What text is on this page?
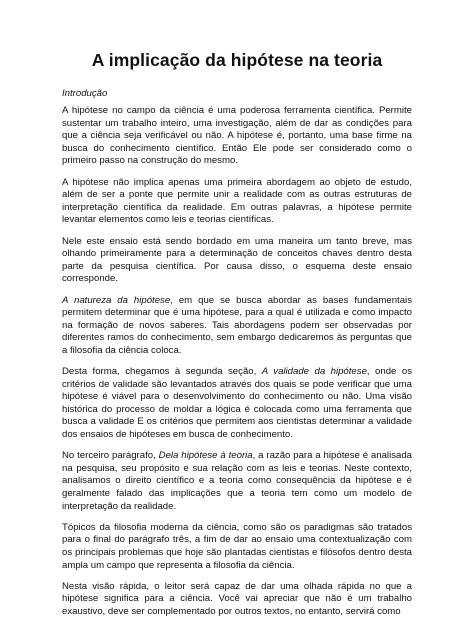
A implicação da hipótese na teoria
Introdução

A hipótese no campo da ciência é uma poderosa ferramenta científica. Permite sustentar um trabalho inteiro, uma investigação, além de dar as condições para que a ciência seja verificável ou não. A hipótese é, portanto, uma base firme na busca do conhecimento científico. Então Ele pode ser considerado como o primeiro passo na construção do mesmo.

A hipótese não implica apenas uma primeira abordagem ao objeto de estudo, além de ser a ponte que permite unir a realidade com as outras estruturas de interpretação científica da realidade. Em outras palavras, a hipótese permite levantar elementos como leis e teorias científicas.

Nele este ensaio está sendo bordado em uma maneira um tanto breve, mas olhando primeiramente para a determinação de conceitos chaves dentro desta parte da pesquisa científica. Por causa disso, o esquema deste ensaio corresponde.

A natureza da hipótese, em que se busca abordar as bases fundamentais permitem determinar que é uma hipótese, para a qual é utilizada e como impacto na formação de novos saberes. Tais abordagens podem ser observadas por diferentes ramos do conhecimento, sem embargo dedicaremos às perguntas que a filosofia da ciência coloca.

Desta forma, chegamos à segunda seção, A validade da hipótese, onde os critérios de validade são levantados através dos quais se pode verificar que uma hipótese é viável para o desenvolvimento do conhecimento ou não. Uma visão histórica do processo de moldar a lógica é colocada como uma ferramenta que busca a validade E os critérios que permitem aos cientistas determinar a validade dos ensaios de hipóteses em busca de conhecimento.

No terceiro parágrafo, Dela hipótese à teoria, a razão para a hipótese é analisada na pesquisa, seu propósito e sua relação com as leis e teorias. Neste contexto, analisamos o direito científico e a teoria como consequência da hipótese e é geralmente falado das implicações que a teoria tem como um modelo de interpretação da realidade.

Tópicos da filosofia moderna da ciência, como são os paradigmas são tratados para o final do parágrafo três, a fim de dar ao ensaio uma contextualização com os principais problemas que hoje são plantadas cientistas e filósofos dentro desta ampla um campo que representa a filosofia da ciência.

Nesta visão rápida, o leitor será capaz de dar uma olhada rápida no que a hipótese significa para a ciência. Você vai apreciar que não é um trabalho exaustivo, deve ser complementado por outros textos, no entanto, servirá como
